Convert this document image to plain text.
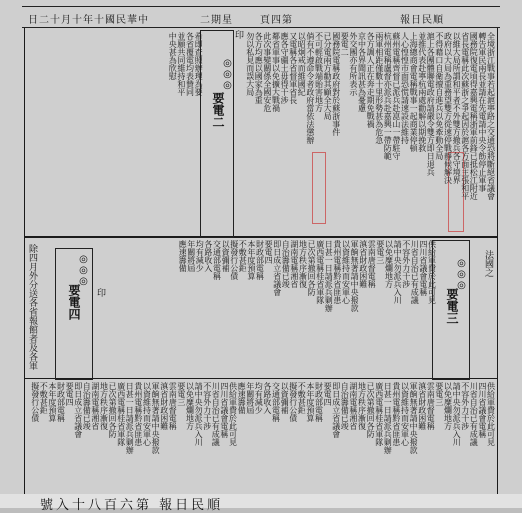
日二十月十年十國民華中	二期星	頁四第	報日民順
要電二
◎◎◎
要電三
◎◎◎
要電四
◎◎◎
印
印
法國之
除四月外分送各省報館者及各軍
全境浙江戰事若起滬寧路之交通恐將斷絕省議會
轉告軍民兩長並請在先電請中央令飭停止軍事
國務院復電頃得嘉興電稱浙軍前鋒已抵松江附近
省長電稱此次蘇浙之爭起因於滬各方面主張和平
以維大局所謂和平者不外雙方撤兵各守境界
政府以大局為重務望雙方從速停戰靜候解決
不得藉口自衛擅自進兵以免牽動全局
滬上各團體聯電政府請嚴令雙方即日退兵
並推代表赴寧杭兩處勸解以期挽救
上海總商會電稱戰事一起商業停頓
人心惶惶市面恐慌請速設法維持
蘇州電稱齊督已派兵赴崑山一帶駐守
杭州電稱盧督亦派兵赴嘉興一帶防範
兩軍相距僅數十里形勢甚為危急
各方調人正在奔走期免戰禍
京中各界聞訊甚為憂慮
外交團亦有所表示
要電二
國務院電稱政府對於蘇浙事件
已分電兩方勸其顧全大局
不可輕啟戰端貽害地方
倘有不遵命令者政府當依法懲辦
以昭炯戒而維國紀
又電稱各省督軍省長
應各守疆土毋得干涉
鄰省軍事以免擴大戰禍
此次事變關係全國安危
各方均應以國家為重
勿以私見而誤大局
希即查照辦理為要
各省覆電均表贊同
並願共同維持和平
中央甚為欣慰
供給軍費於此可見
四川省議會電稱
川省自治已有成議
不容外力干涉
請中央勿派兵入川
以免糜爛地方
要電三
雲南唐督電稱
滇省財政困難
軍餉無著請中央撥款
以資維持而安軍心
貴州電稱黔省匪患
日甚一日請派兵剿辦
廣西電稱桂省軍隊
已次第撤回各防
地方秩序漸復
湖南電稱湘省
自治籌備已竣
即日成立省議會
要電四
財政部電稱
本年度預算
不敷甚鉅
擬發行公債
以資彌補
交通部電稱
各路收入
均有減少
年關將屆
應速籌備
供給軍費於此可見
四川省議會電稱
川省自治已有成議
不容外力干涉
請中央勿派兵入川
以免糜爛地方
要電三
雲南唐督電稱
滇省財政困難
軍餉無著請中央撥款
以資維持而安軍心
貴州電稱黔省匪患
日甚一日請派兵剿辦
廣西電稱桂省軍隊
已次第撤回各防
地方秩序漸復
湖南電稱湘省
自治籌備已竣
即日成立省議會
要電四
財政部電稱
本年度預算
不敷甚鉅
擬發行公債
以資彌補
交通部電稱
各路收入
均有減少
年關將屆
應速籌備
供給軍費於此可見
四川省議會電稱
川省自治已有成議
不容外力干涉
請中央勿派兵入川
以免糜爛地方
要電三
雲南唐督電稱
滇省財政困難
軍餉無著請中央撥款
以資維持而安軍心
貴州電稱黔省匪患
日甚一日請派兵剿辦
廣西電稱桂省軍隊
已次第撤回各防
地方秩序漸復
湖南電稱湘省
自治籌備已竣
即日成立省議會
要電四
財政部電稱
本年度預算
不敷甚鉅
擬發行公債
號入十八百六第 報日民順
